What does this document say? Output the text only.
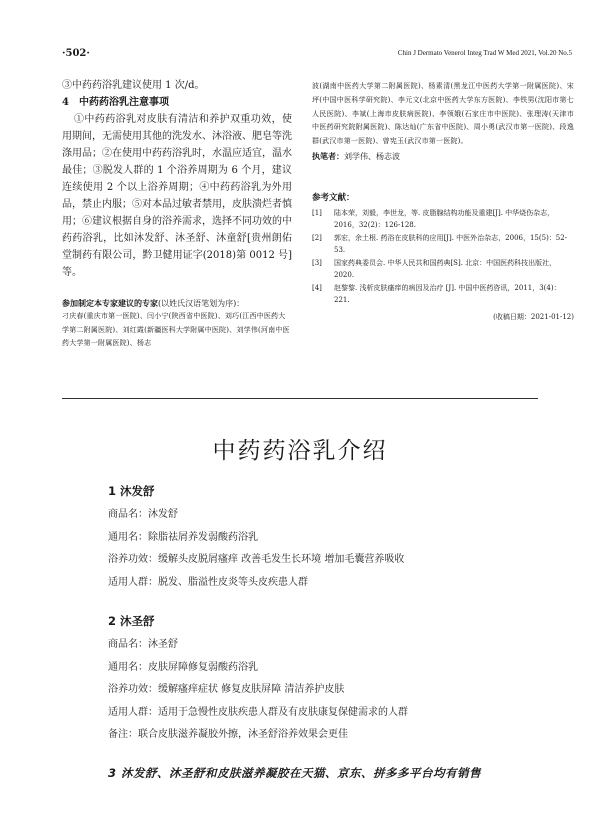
·502·	Chin J Dermato Venerol Integ Trad W Med 2021, Vol.20 No.5

③中药药浴乳建议使用 1 次/d。

4 中药药浴乳注意事项

①中药药浴乳对皮肤有清洁和养护双重功效，使用期间，无需使用其他的洗发水、沐浴液、肥皂等洗涤用品；②在使用中药药浴乳时，水温应适宜，温水最佳；③脱发人群的 1 个浴养周期为 6 个月，建议连续使用 2 个以上浴养周期；④中药药浴乳为外用品，禁止内服；⑤对本品过敏者禁用，皮肤溃烂者慎用；⑥建议根据自身的浴养需求，选择不同功效的中药药浴乳，比如沐发舒、沐圣舒、沐童舒[贵州朗佑堂制药有限公司，黔卫健用证字(2018)第 0012 号]等。

参加制定本专家建议的专家(以姓氏汉语笔划为序)：

刁庆春(重庆市第一医院)、闫小宁(陕西省中医院)、刘巧(江西中医药大学第二附属医院)、刘红霞(新疆医科大学附属中医院)、刘学伟(河南中医药大学第一附属医院)、杨志

波(湖南中医药大学第二附属医院)、杨素清(黑龙江中医药大学第一附属医院)、宋坪(中国中医科学研究院)、李元文(北京中医药大学东方医院)、李铁男(沈阳市第七人民医院)、李斌(上海市皮肤病医院)、李领娥(石家庄市中医院)、张理涛(天津市中医药研究院附属医院)、陈达灿(广东省中医院)、周小勇(武汉市第一医院)、段逸群(武汉市第一医院)、曾宪玉(武汉市第一医院)。

执笔者：刘学伟、杨志波

参考文献：

[1] 陆本荣，刘毅，李世龙，等. 皮脂腺结构功能及重建[J]. 中华烧伤杂志，2016，32(2)：126-128.
[2] 郭宏，余土根. 药浴在皮肤科的应用[J]. 中医外治杂志，2006，15(5)：52-53.
[3] 国家药典委员会. 中华人民共和国药典[S]. 北京：中国医药科技出版社，2020.
[4] 赵黎黎. 浅析皮肤瘙痒的病因及治疗 [J]. 中国中医药咨讯，2011，3(4)：221.

(收稿日期：2021-01-12)

中药药浴乳介绍

1 沐发舒

商品名：沐发舒

通用名：除脂祛屑养发弱酸药浴乳

浴养功效：缓解头皮脱屑瘙痒 改善毛发生长环境 增加毛囊营养吸收

适用人群：脱发、脂溢性皮炎等头皮疾患人群

2 沐圣舒

商品名：沐圣舒

通用名：皮肤屏障修复弱酸药浴乳

浴养功效：缓解瘙痒症状 修复皮肤屏障 清洁养护皮肤

适用人群：适用于急慢性皮肤疾患人群及有皮肤康复保健需求的人群

备注：联合皮肤滋养凝胶外擦，沐圣舒浴养效果会更佳

3 沐发舒、沐圣舒和皮肤滋养凝胶在天猫、京东、拼多多平台均有销售
